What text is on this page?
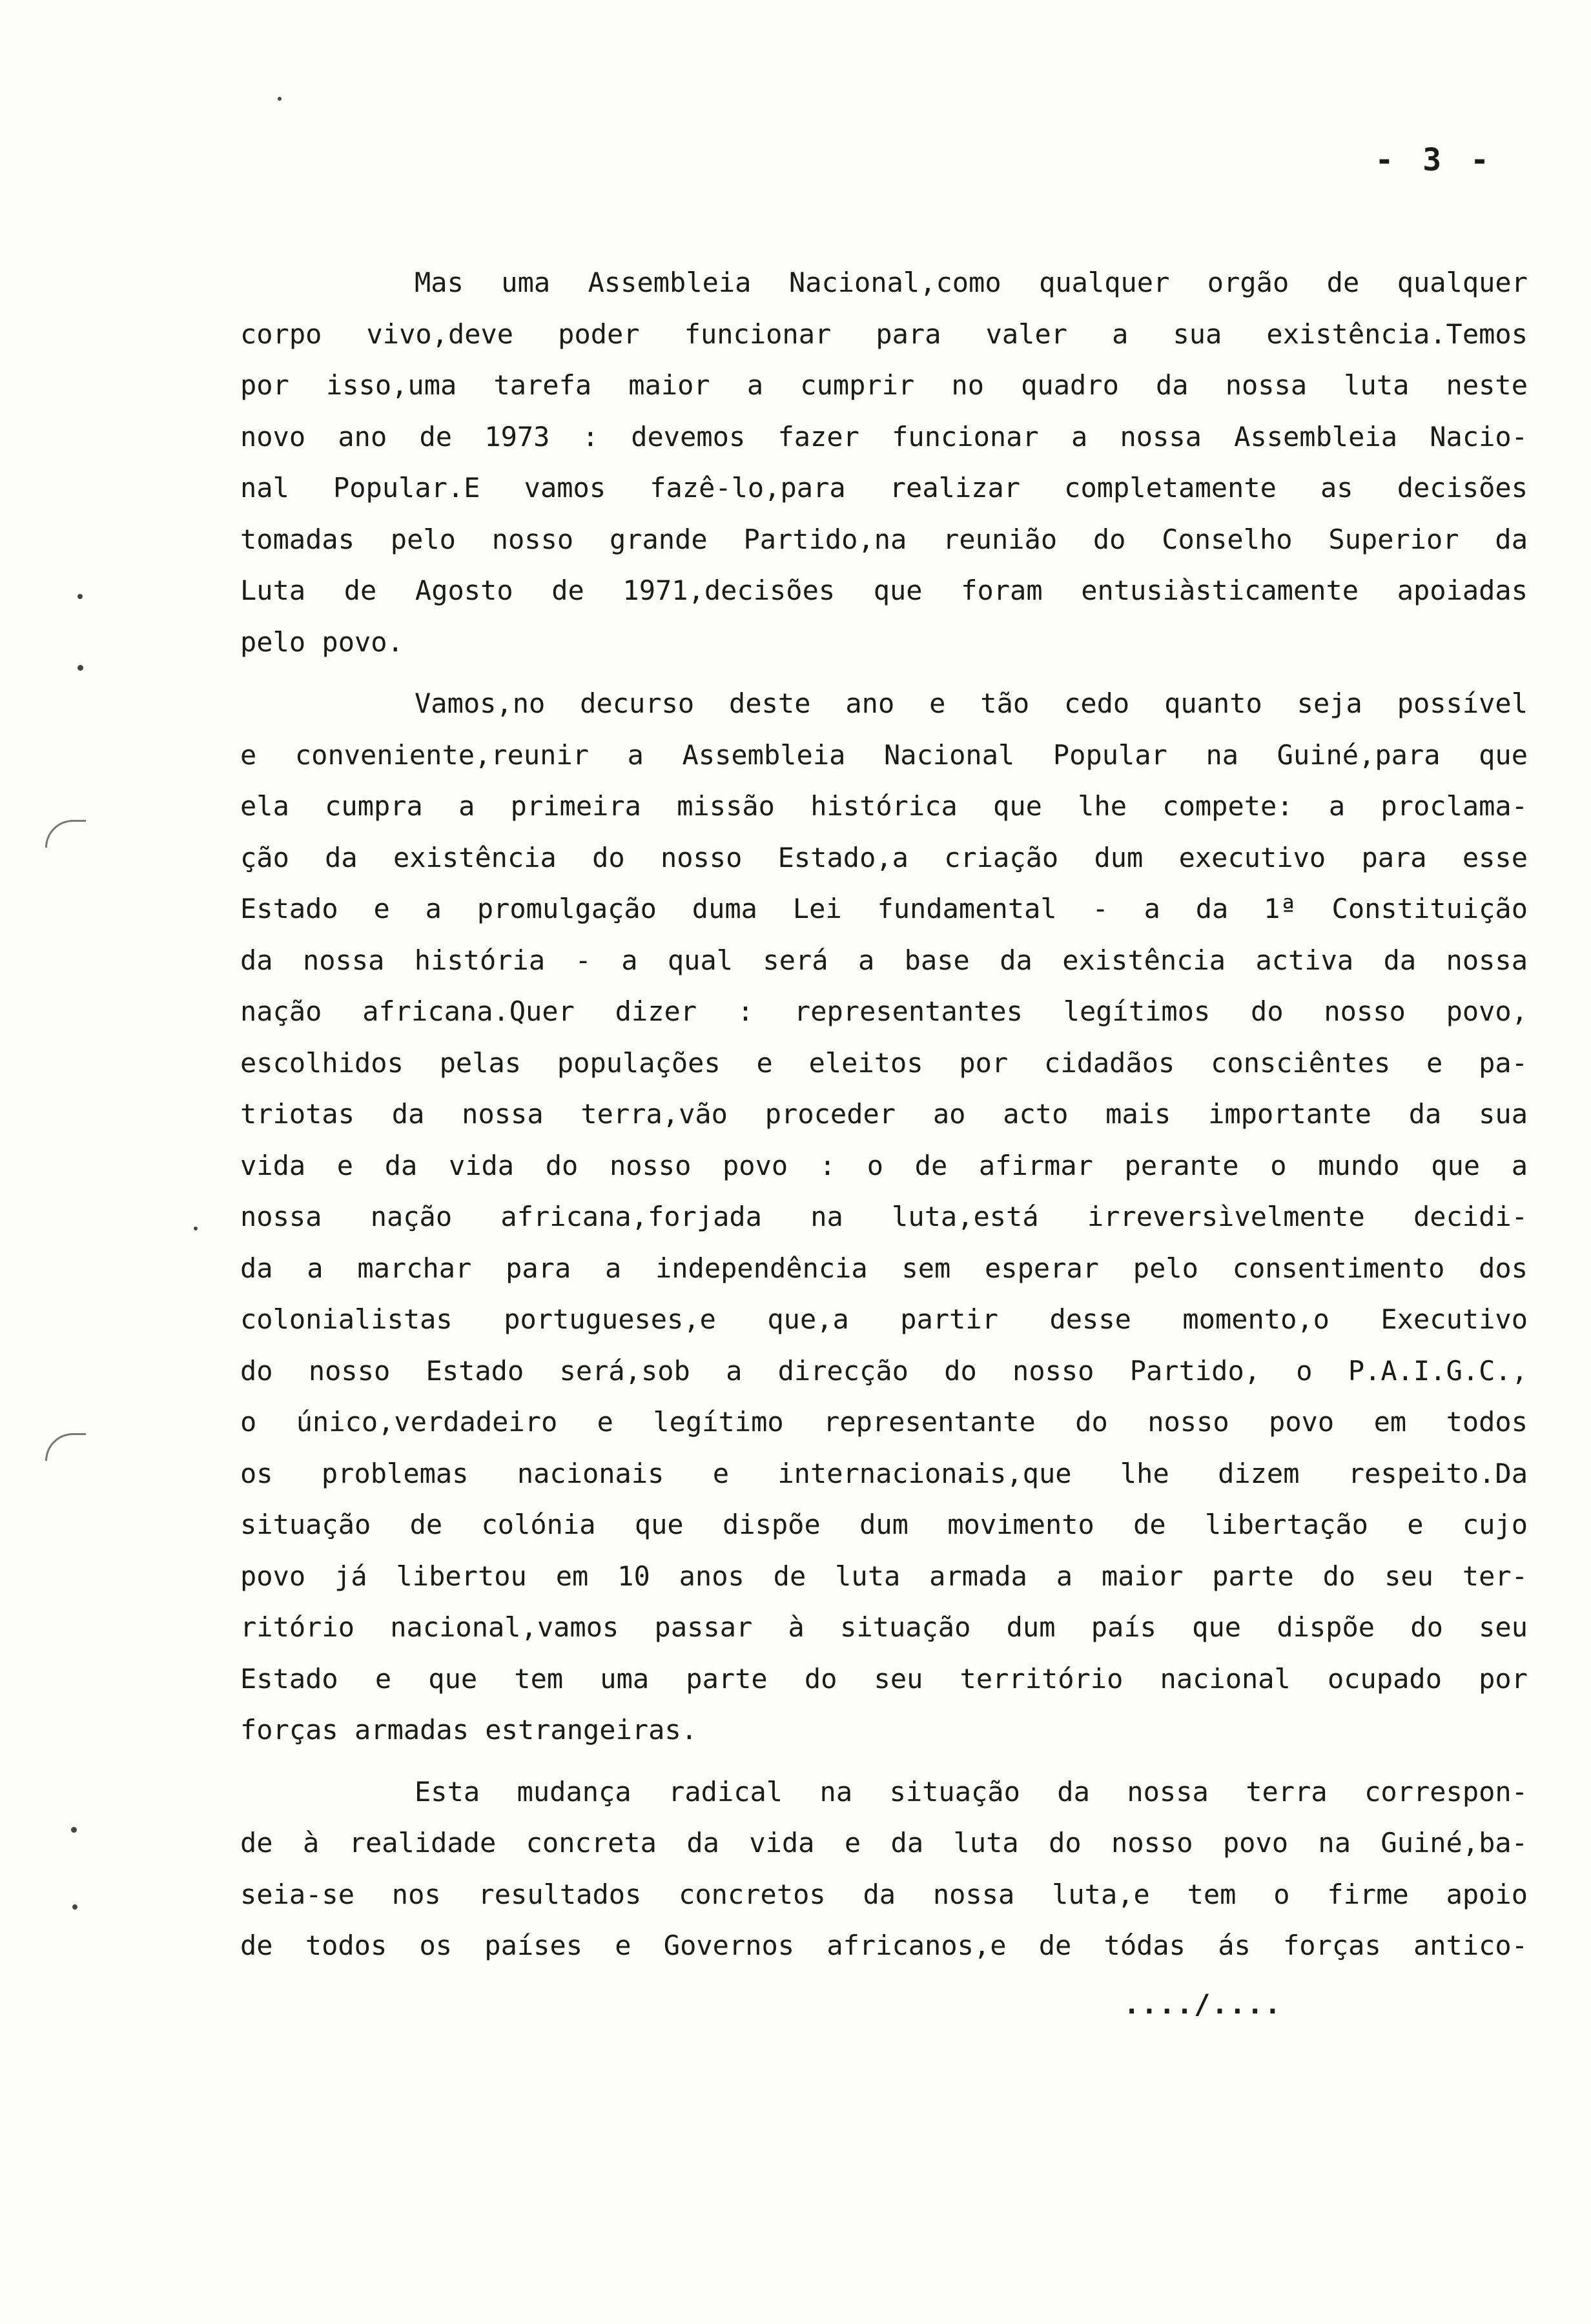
- 3 -
Mas uma Assembleia Nacional,como qualquer orgão de qualquer
corpo vivo,deve poder funcionar para valer a sua existência.Temos
por isso,uma tarefa maior a cumprir no quadro da nossa luta neste
novo ano de 1973 : devemos fazer funcionar a nossa Assembleia Nacio-
nal Popular.E vamos fazê-lo,para realizar completamente as decisões
tomadas pelo nosso grande Partido,na reunião do Conselho Superior da
Luta de Agosto de 1971,decisões que foram entusiàsticamente apoiadas
pelo povo.
Vamos,no decurso deste ano e tão cedo quanto seja possível
e conveniente,reunir a Assembleia Nacional Popular na Guiné,para que
ela cumpra a primeira missão histórica que lhe compete: a proclama-
ção da existência do nosso Estado,a criação dum executivo para esse
Estado e a promulgação duma Lei fundamental - a da 1ª Constituição
da nossa história - a qual será a base da existência activa da nossa
nação africana.Quer dizer : representantes legítimos do nosso povo,
escolhidos pelas populações e eleitos por cidadãos consciêntes e pa-
triotas da nossa terra,vão proceder ao acto mais importante da sua
vida e da vida do nosso povo : o de afirmar perante o mundo que a
nossa nação africana,forjada na luta,está irreversìvelmente decidi-
da a marchar para a independência sem esperar pelo consentimento dos
colonialistas portugueses,e que,a partir desse momento,o Executivo
do nosso Estado será,sob a direcção do nosso Partido, o P.A.I.G.C.,
o único,verdadeiro e legítimo representante do nosso povo em todos
os problemas nacionais e internacionais,que lhe dizem respeito.Da
situação de colónia que dispõe dum movimento de libertação e cujo
povo já libertou em 10 anos de luta armada a maior parte do seu ter-
ritório nacional,vamos passar à situação dum país que dispõe do seu
Estado e que tem uma parte do seu território nacional ocupado por
forças armadas estrangeiras.
Esta mudança radical na situação da nossa terra correspon-
de à realidade concreta da vida e da luta do nosso povo na Guiné,ba-
seia-se nos resultados concretos da nossa luta,e tem o firme apoio
de todos os países e Governos africanos,e de tódas ás forças antico-
..../....
